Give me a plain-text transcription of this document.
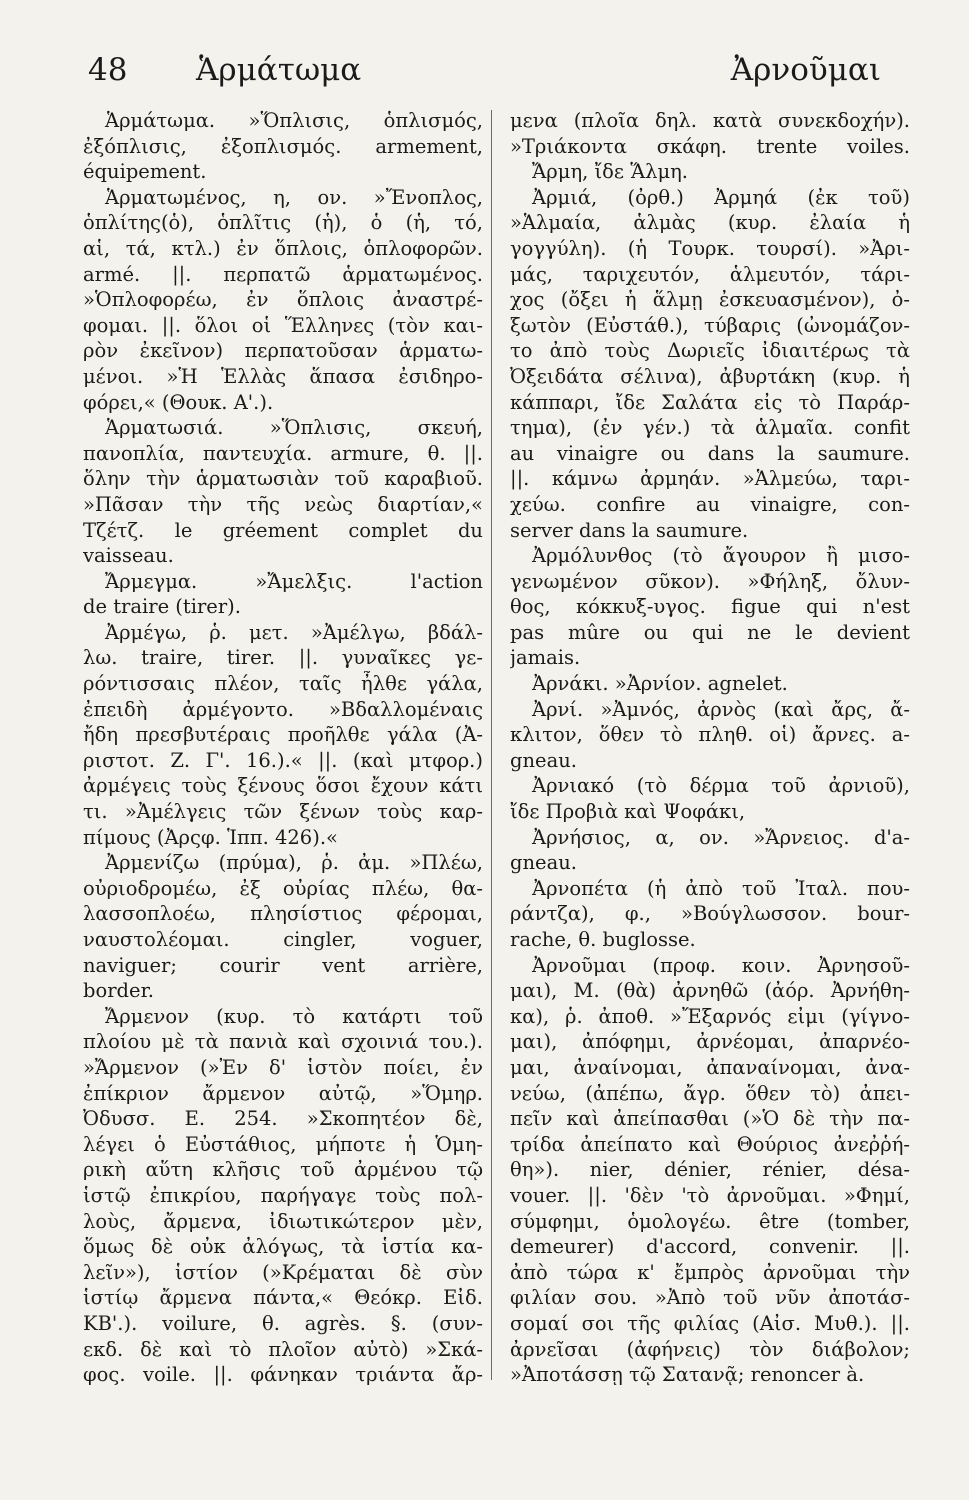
48 Ἁρμάτωμα	Ἀρνοῦμαι
Ἁρμάτωμα. »Ὅπλισις, ὁπλισμός,
ἐξόπλισις, ἐξοπλισμός. armement,
équipement.
Ἁρματωμένος, η, ον. »Ἔνοπλος,
ὁπλίτης(ὁ), ὁπλῖτις (ἡ), ὁ (ἡ, τό,
αἱ, τά, κτλ.) ἐν ὅπλοις, ὁπλοφορῶν.
armé. ||. περπατῶ ἁρματωμένος.
»Ὁπλοφορέω, ἐν ὅπλοις ἀναστρέ-
φομαι. ||. ὅλοι οἱ Ἕλληνες (τὸν και-
ρὸν ἐκεῖνον) περπατοῦσαν ἁρματω-
μένοι. »Ἡ Ἑλλὰς ἅπασα ἐσιδηρο-
φόρει,« (Θουκ. Α'.).
Ἁρματωσιά. »Ὅπλισις, σκευή,
πανοπλία, παντευχία. armure, θ. ||.
ὅλην τὴν ἁρματωσιὰν τοῦ καραβιοῦ.
»Πᾶσαν τὴν τῆς νεὼς διαρτίαν,«
Τζέτζ. le gréement complet du
vaisseau.
Ἄρμεγμα. »Ἄμελξις. l'action
de traire (tirer).
Ἀρμέγω, ῥ. μετ. »Ἀμέλγω, βδάλ-
λω. traire, tirer. ||. γυναῖκες γε-
ρόντισσαις πλέον, ταῖς ἦλθε γάλα,
ἐπειδὴ ἀρμέγοντο. »Βδαλλομέναις
ἤδη πρεσβυτέραις προῆλθε γάλα (Ἀ-
ριστοτ. Ζ. Γ'. 16.).« ||. (καὶ μτφορ.)
ἀρμέγεις τοὺς ξένους ὅσοι ἔχουν κάτι
τι. »Ἀμέλγεις τῶν ξένων τοὺς καρ-
πίμους (Ἀρςφ. Ἱππ. 426).«
Ἀρμενίζω (πρύμα), ῥ. ἀμ. »Πλέω,
οὐριοδρομέω, ἐξ οὐρίας πλέω, θα-
λασσοπλοέω, πλησίστιος φέρομαι,
ναυστολέομαι. cingler, voguer,
naviguer; courir vent arrière,
border.
Ἄρμενον (κυρ. τὸ κατάρτι τοῦ
πλοίου μὲ τὰ πανιὰ καὶ σχοινιά του.).
»Ἄρμενον (»Ἐν δ' ἱστὸν ποίει, ἐν
ἐπίκριον ἄρμενον αὐτῷ, »Ὅμηρ.
Ὀδυσσ. Ε. 254. »Σκοπητέον δὲ,
λέγει ὁ Εὐστάθιος, μήποτε ἡ Ὁμη-
ρικὴ αὕτη κλῆσις τοῦ ἀρμένου τῷ
ἱστῷ ἐπικρίου, παρήγαγε τοὺς πολ-
λοὺς, ἄρμενα, ἰδιωτικώτερον μὲν,
ὅμως δὲ οὐκ ἀλόγως, τὰ ἱστία κα-
λεῖν»), ἱστίον (»Κρέμαται δὲ σὺν
ἱστίῳ ἄρμενα πάντα,« Θεόκρ. Εἰδ.
ΚΒ'.). voilure, θ. agrès. §. (συν-
εκδ. δὲ καὶ τὸ πλοῖον αὐτὸ) »Σκά-
φος. voile. ||. φάνηκαν τριάντα ἄρ-
μενα (πλοῖα δηλ. κατὰ συνεκδοχήν).
»Τριάκοντα σκάφη. trente voiles.
Ἄρμη, ἴδε Ἅλμη.
Ἀρμιά, (ὀρθ.) Ἀρμηά (ἐκ τοῦ)
»Ἁλμαία, ἁλμὰς (κυρ. ἐλαία ἡ
γογγύλη). (ἡ Τουρκ. τουρσί). »Ἀρι-
μάς, ταριχευτόν, ἁλμευτόν, τάρι-
χος (ὄξει ἡ ἅλμῃ ἐσκευασμένον), ὀ-
ξωτὸν (Εὐστάθ.), τύβαρις (ὠνομάζον-
το ἀπὸ τοὺς Δωριεῖς ἰδιαιτέρως τὰ
Ὀξειδάτα σέλινα), ἀβυρτάκη (κυρ. ἡ
κάππαρι, ἴδε Σαλάτα εἰς τὸ Παράρ-
τημα), (ἐν γέν.) τὰ ἁλμαῖα. confit
au vinaigre ou dans la saumure.
||. κάμνω ἀρμηάν. »Ἁλμεύω, ταρι-
χεύω. confire au vinaigre, con-
server dans la saumure.
Ἀρμόλυνθος (τὸ ἄγουρον ἢ μισο-
γενωμένον σῦκον). »Φήληξ, ὄλυν-
θος, κόκκυξ-υγος. figue qui n'est
pas mûre ou qui ne le devient
jamais.
Ἀρνάκι. »Ἀρνίον. agnelet.
Ἀρνί. »Ἀμνός, ἀρνὸς (καὶ ἄρς, ἄ-
κλιτον, ὅθεν τὸ πληθ. οἱ) ἄρνες. a-
gneau.
Ἀρνιακό (τὸ δέρμα τοῦ ἀρνιοῦ),
ἴδε Προβιὰ καὶ Ψοφάκι,
Ἀρνήσιος, α, ον. »Ἄρνειος. d'a-
gneau.
Ἀρνοπέτα (ἡ ἀπὸ τοῦ Ἰταλ. που-
ράντζα), φ., »Βούγλωσσον. bour-
rache, θ. buglosse.
Ἀρνοῦμαι (προφ. κοιν. Ἀρνησοῦ-
μαι), Μ. (θὰ) ἀρνηθῶ (ἀόρ. Ἀρνήθη-
κα), ῥ. ἀποθ. »Ἔξαρνός εἰμι (γίγνο-
μαι), ἀπόφημι, ἀρνέομαι, ἀπαρνέο-
μαι, ἀναίνομαι, ἀπαναίνομαι, ἀνα-
νεύω, (ἀπέπω, ἄγρ. ὅθεν τὸ) ἀπει-
πεῖν καὶ ἀπείπασθαι (»Ὁ δὲ τὴν πα-
τρίδα ἀπείπατο καὶ Θούριος ἀνεῤῥή-
θη»). nier, dénier, rénier, désa-
vouer. ||. 'δὲν 'τὸ ἀρνοῦμαι. »Φημί,
σύμφημι, ὁμολογέω. être (tomber,
demeurer) d'accord, convenir. ||.
ἀπὸ τώρα κ' ἔμπρὸς ἀρνοῦμαι τὴν
φιλίαν σου. »Ἀπὸ τοῦ νῦν ἀποτάσ-
σομαί σοι τῆς φιλίας (Αἰσ. Μυθ.). ||.
ἀρνεῖσαι (ἀφήνεις) τὸν διάβολον;
»Ἀποτάσσῃ τῷ Σατανᾷ; renoncer à.
